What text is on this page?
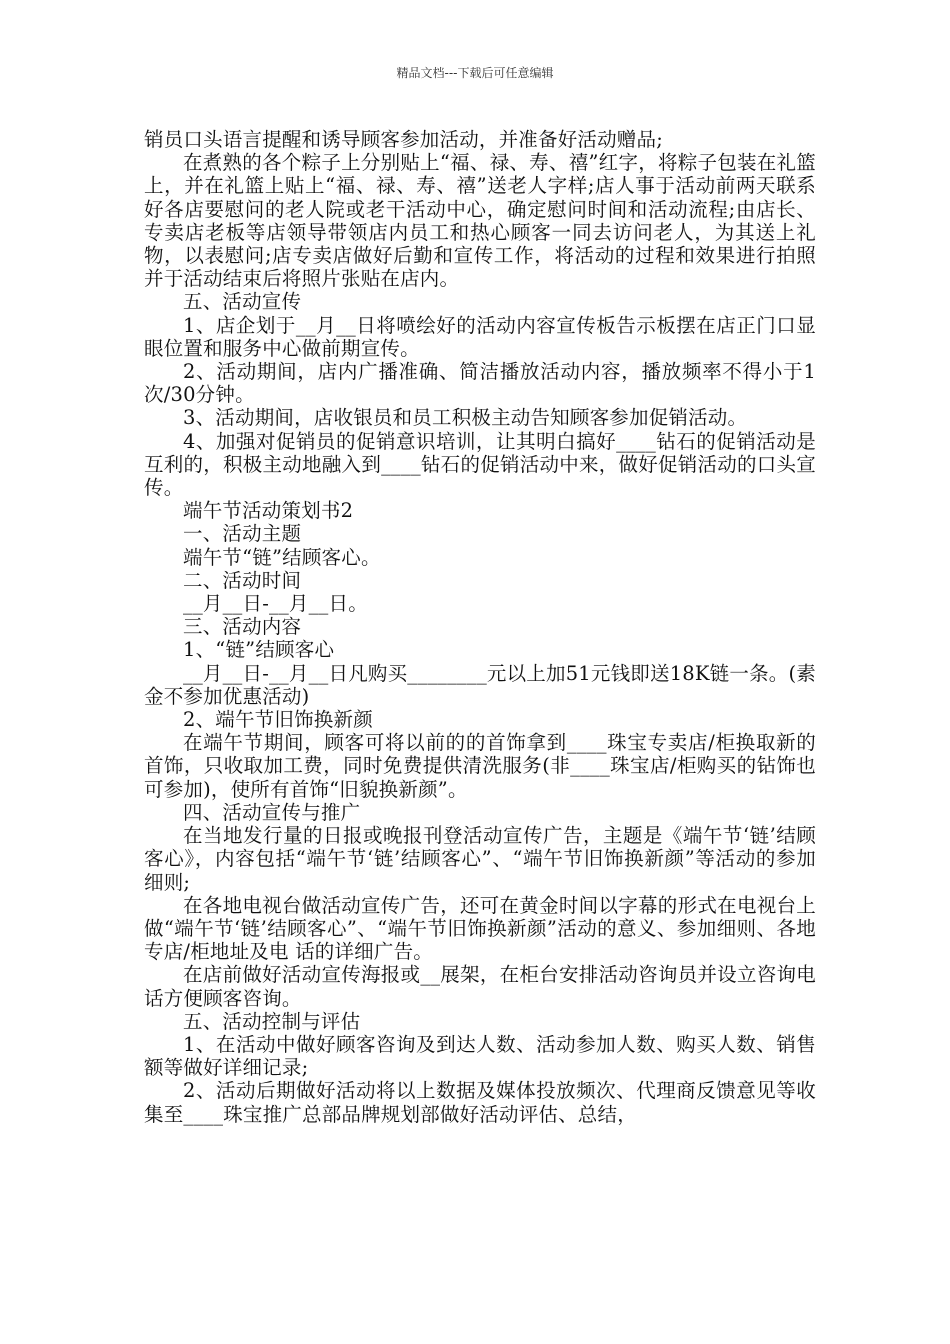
精品文档---下载后可任意编辑

销员口头语言提醒和诱导顾客参加活动，并准备好活动赠品;

在煮熟的各个粽子上分别贴上“福、禄、寿、禧”红字，将粽子包装在礼篮上，并在礼篮上贴上“福、禄、寿、禧”送老人字样;店人事于活动前两天联系好各店要慰问的老人院或老干活动中心，确定慰问时间和活动流程;由店长、专卖店老板等店领导带领店内员工和热心顾客一同去访问老人，为其送上礼物，以表慰问;店专卖店做好后勤和宣传工作，将活动的过程和效果进行拍照并于活动结束后将照片张贴在店内。

五、活动宣传

1、店企划于__月__日将喷绘好的活动内容宣传板告示板摆在店正门口显眼位置和服务中心做前期宣传。

2、活动期间，店内广播准确、简洁播放活动内容，播放频率不得小于1次/30分钟。

3、活动期间，店收银员和员工积极主动告知顾客参加促销活动。

4、加强对促销员的促销意识培训，让其明白搞好____钻石的促销活动是互利的，积极主动地融入到____钻石的促销活动中来，做好促销活动的口头宣传。

端午节活动策划书2

一、活动主题

端午节“链”结顾客心。

二、活动时间

__月__日-__月__日。

三、活动内容

1、“链”结顾客心

__月__日-__月__日凡购买________元以上加51元钱即送18K链一条。(素金不参加优惠活动)

2、端午节旧饰换新颜

在端午节期间，顾客可将以前的的首饰拿到____珠宝专卖店/柜换取新的首饰，只收取加工费，同时免费提供清洗服务(非____珠宝店/柜购买的钻饰也可参加)，使所有首饰“旧貌换新颜”。

四、活动宣传与推广

在当地发行量的日报或晚报刊登活动宣传广告，主题是《端午节‘链’结顾客心》，内容包括“端午节‘链’结顾客心”、“端午节旧饰换新颜”等活动的参加细则;

在各地电视台做活动宣传广告，还可在黄金时间以字幕的形式在电视台上做“端午节‘链’结顾客心”、“端午节旧饰换新颜”活动的意义、参加细则、各地专店/柜地址及电 话的详细广告。

在店前做好活动宣传海报或__展架，在柜台安排活动咨询员并设立咨询电 话方便顾客咨询。

五、活动控制与评估

1、在活动中做好顾客咨询及到达人数、活动参加人数、购买人数、销售额等做好详细记录;

2、活动后期做好活动将以上数据及媒体投放频次、代理商反馈意见等收集至____珠宝推广总部品牌规划部做好活动评估、总结，
